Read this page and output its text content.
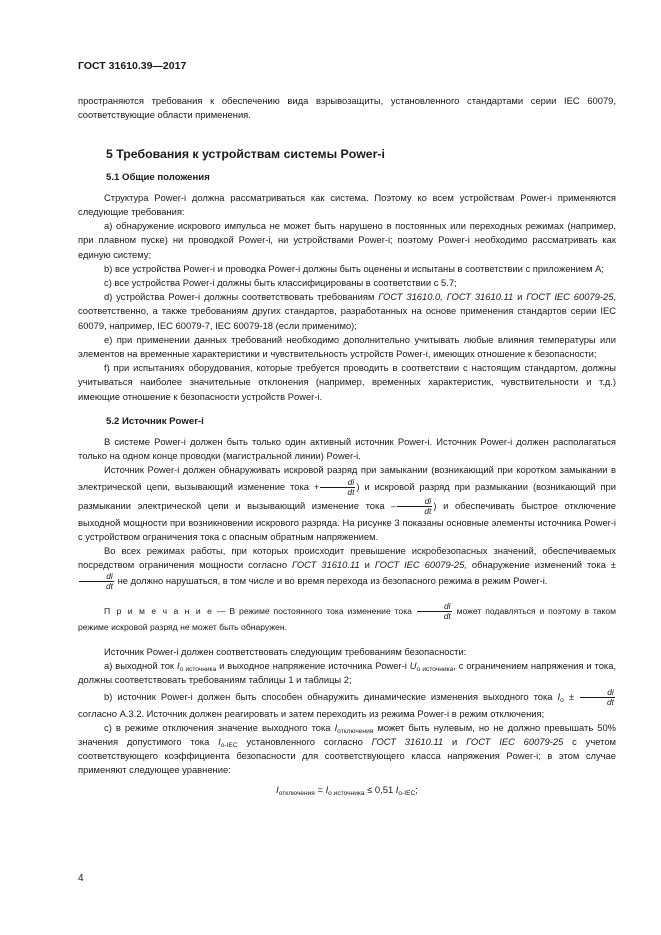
ГОСТ 31610.39—2017

пространяются требования к обеспечению вида взрывозащиты, установленного стандартами серии IEC 60079, соответствующие области применения.

5 Требования к устройствам системы Power-i
5.1 Общие положения

Структура Power-i должна рассматриваться как система. Поэтому ко всем устройствам Power-i применяются следующие требования:

а) обнаружение искрового импульса не может быть нарушено в постоянных или переходных режимах (например, при плавном пуске) ни проводкой Power-i, ни устройствами Power-i; поэтому Power-i необходимо рассматривать как единую систему;

b) все устройства Power-i и проводка Power-i должны быть оценены и испытаны в соответствии с приложением A;

с) все устройства Power-i должны быть классифицированы в соответствии с 5.7;

d) устройства Power-i должны соответствовать требованиям ГОСТ 31610.0, ГОСТ 31610.11 и ГОСТ IEC 60079-25, соответственно, а также требованиям других стандартов, разработанных на основе применения стандартов серии IEC 60079, например, IEC 60079-7, IEC 60079-18 (если применимо);

е) при применении данных требований необходимо дополнительно учитывать любые влияния температуры или элементов на временные характеристики и чувствительность устройств Power-i, имеющих отношение к безопасности;

f) при испытаниях оборудования, которые требуется проводить в соответствии с настоящим стандартом, должны учитываться наиболее значительные отклонения (например, временных характеристик, чувствительности и т.д.) имеющие отношение к безопасности устройств Power-i.

5.2 Источник Power-i

В системе Power-i должен быть только один активный источник Power-i. Источник Power-i должен располагаться только на одном конце проводки (магистральной линии) Power-i.

Источник Power-i должен обнаруживать искровой разряд при замыкании (возникающий при коротком замыкании в электрической цепи, вызывающий изменение тока + $\frac{di}{dt}$ ) и искровой разряд при размыкании (возникающий при размыкании электрической цепи и вызывающий изменение тока – $\frac{di}{dt}$ ) и обеспечивать быстрое отключение выходной мощности при возникновении искрового разряда. На рисунке 3 показаны основные элементы источника Power-i с устройством ограничения тока с опасным обратным напряжением.

Во всех режимах работы, при которых происходит превышение искробезопасных значений, обеспечиваемых посредством ограничения мощности согласно ГОСТ 31610.11 и ГОСТ IEC 60079-25, обнаружение изменений тока ±
$\frac{di}{dt}$ не должно нарушаться, в том числе и во время перехода из безопасного режима в режим Power-i.

П р и м е ч а н и е — В режиме постоянного тока изменение тока $\frac{di}{dt}$ может подавляться и поэтому в таком режиме искровой разряд не может быть обнаружен.

Источник Power-i должен соответствовать следующим требованиям безопасности:

а) выходной ток $I_{о источника}$ и выходное напряжение источника Power-i $U_{о источника}$, с ограничением напряжения и тока, должны соответствовать требованиям таблицы 1 и таблицы 2;

b) источник Power-i должен быть способен обнаружить динамические изменения выходного тока $I_о \pm \frac{di}{dt}$
согласно А.3.2. Источник должен реагировать и затем переходить из режима Power-i в режим отключения;

с) в режиме отключения значение выходного тока $I_{отключения}$ может быть нулевым, но не должно превышать 50% значения допустимого тока $I_{о-IEC}$ установленного согласно ГОСТ 31610.11 и ГОСТ IEC 60079-25 с учетом соответствующего коэффициента безопасности для соответствующего класса напряжения Power-i; в этом случае применяют следующее уравнение:

$I_{отключения} = I_{о источника} \le 0,51$ $I_{о-IEC}$;

4
